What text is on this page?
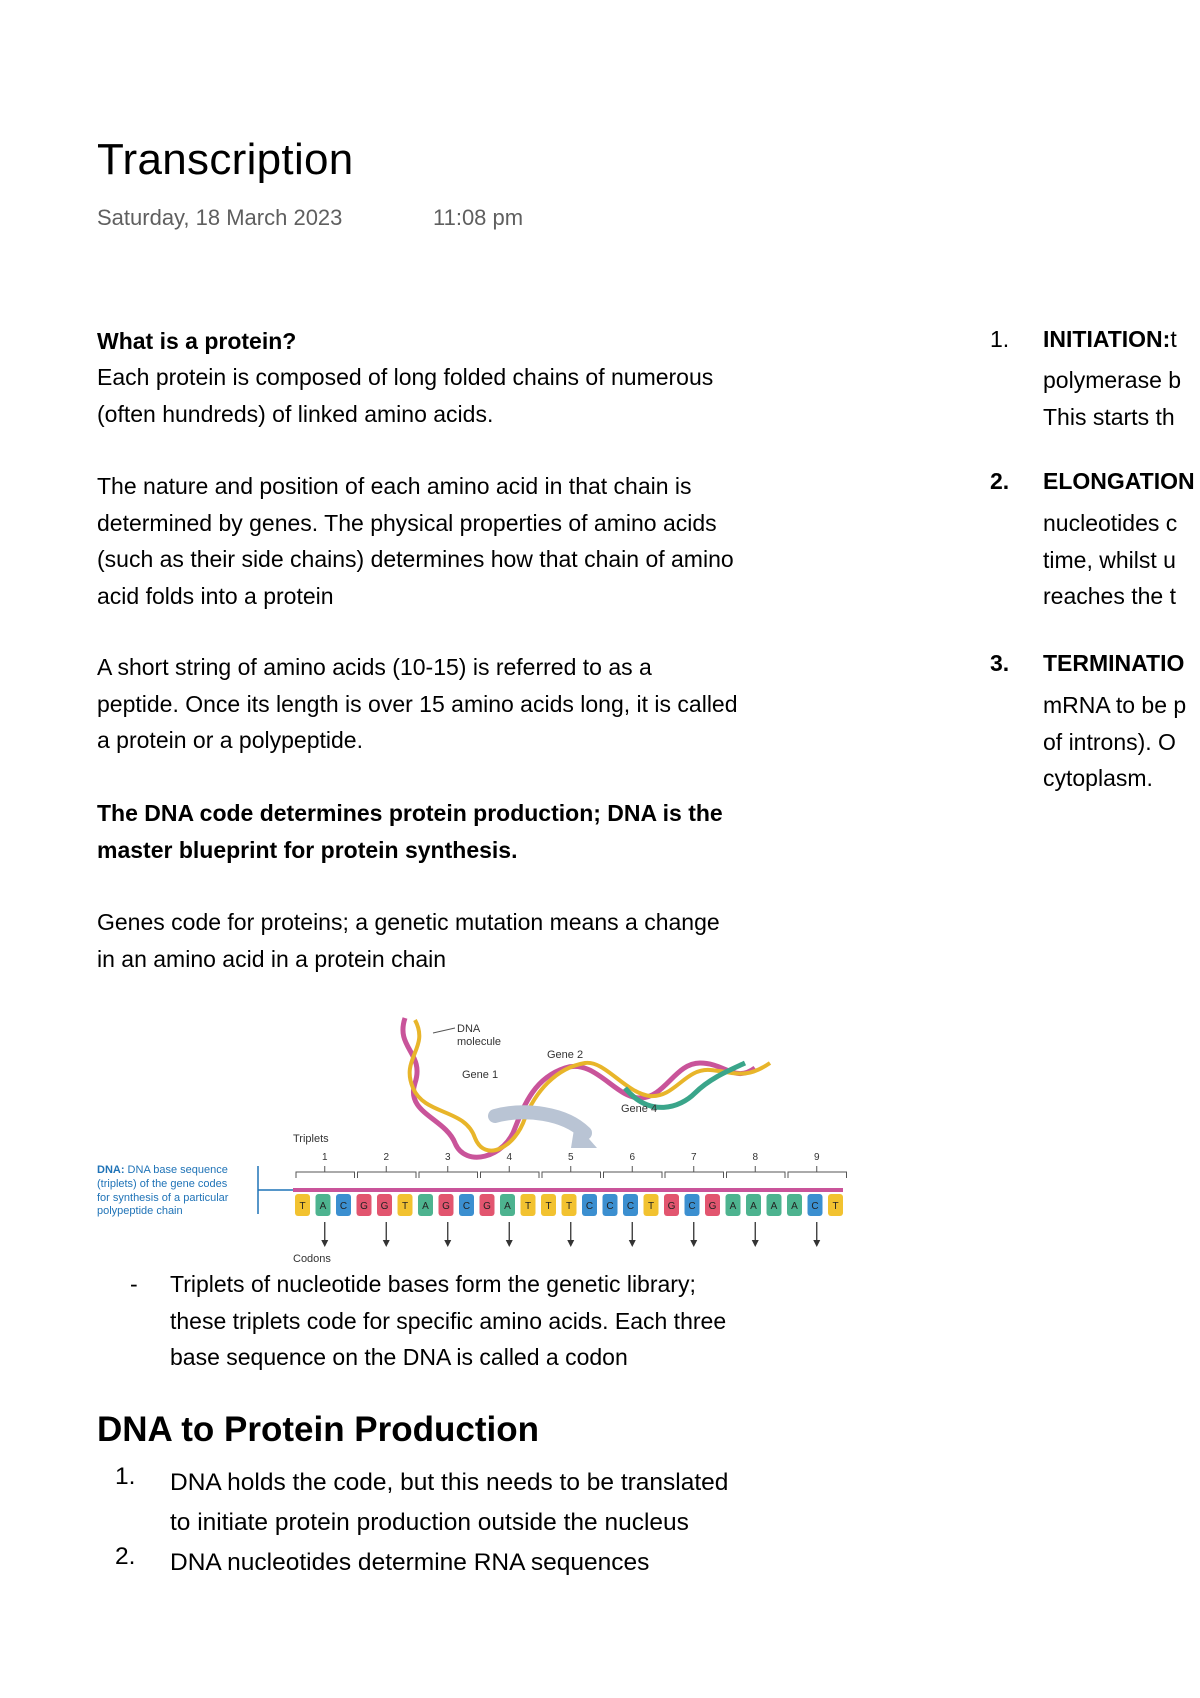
Transcription
Saturday, 18 March 2023	11:08 pm
What is a protein?
Each protein is composed of long folded chains of numerous
(often hundreds) of linked amino acids.
The nature and position of each amino acid in that chain is
determined by genes. The physical properties of amino acids
(such as their side chains) determines how that chain of amino
acid folds into a protein
A short string of amino acids (10-15) is referred to as a
peptide. Once its length is over 15 amino acids long, it is called
a protein or a polypeptide.
The DNA code determines protein production; DNA is the
master blueprint for protein synthesis.
Genes code for proteins; a genetic mutation means a change
in an amino acid in a protein chain
DNA
molecule
Gene 1
Gene 2
Gene 4
Triplets
Codons
DNA: DNA base sequence
(triplets) of the gene codes
for synthesis of a particular
polypeptide chain	T A C G G T A G C G A T T T C C C T G C G A A A A C T
1	2	3	4	5	6	7	8	9
- Triplets of nucleotide bases form the genetic library;
these triplets code for specific amino acids. Each three
base sequence on the DNA is called a codon
DNA to Protein Production
1. DNA holds the code, but this needs to be translated
to initiate protein production outside the nucleus
2. DNA nucleotides determine RNA sequences
1. INITIATION:t
polymerase b
This starts th
2. ELONGATION
nucleotides c
time, whilst u
reaches the t
3. TERMINATIO
mRNA to be p
of introns). O
cytoplasm.
